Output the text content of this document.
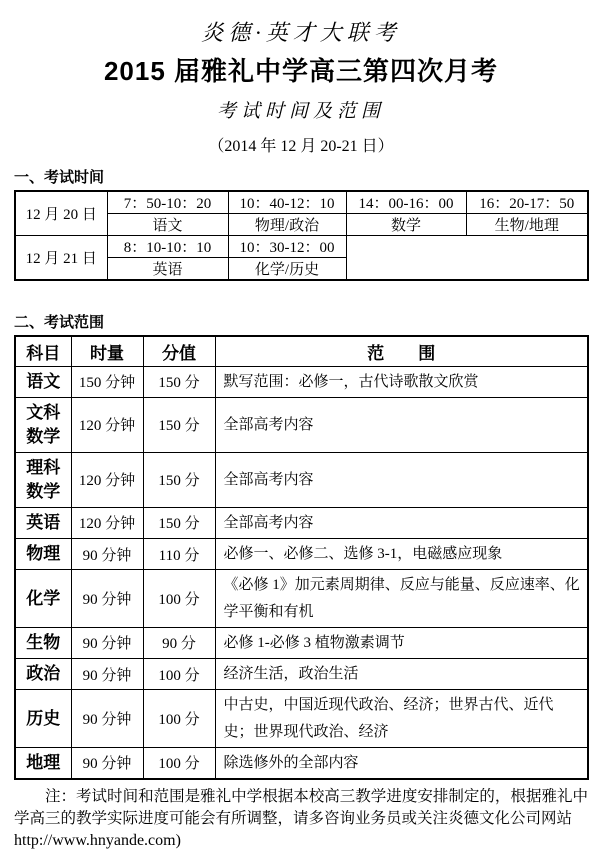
炎德·英才大联考
2015 届雅礼中学高三第四次月考
考试时间及范围
（2014 年 12 月 20-21 日）
一、考试时间
12 月 20 日	7：50-10：20	10：40-12：10	14：00-16：00	16：20-17：50
	语文	物理/政治	数学	生物/地理
12 月 21 日	8：10-10：10	10：30-12：00		
	英语	化学/历史		
二、考试范围
科目	时量	分值	范　　围
语文	150 分钟	150 分	默写范围：必修一，古代诗歌散文欣赏
文科数学	120 分钟	150 分	全部高考内容
理科数学	120 分钟	150 分	全部高考内容
英语	120 分钟	150 分	全部高考内容
物理	90 分钟	110 分	必修一、必修二、选修 3-1，电磁感应现象
化学	90 分钟	100 分	《必修 1》加元素周期律、反应与能量、反应速率、化学平衡和有机
生物	90 分钟	90 分	必修 1-必修 3 植物激素调节
政治	90 分钟	100 分	经济生活，政治生活
历史	90 分钟	100 分	中古史，中国近现代政治、经济；世界古代、近代史；世界现代政治、经济
地理	90 分钟	100 分	除选修外的全部内容

注：考试时间和范围是雅礼中学根据本校高三教学进度安排制定的，根据雅礼中学高三的教学实际进度可能会有所调整，请多咨询业务员或关注炎德文化公司网站

http://www.hnyande.com)
